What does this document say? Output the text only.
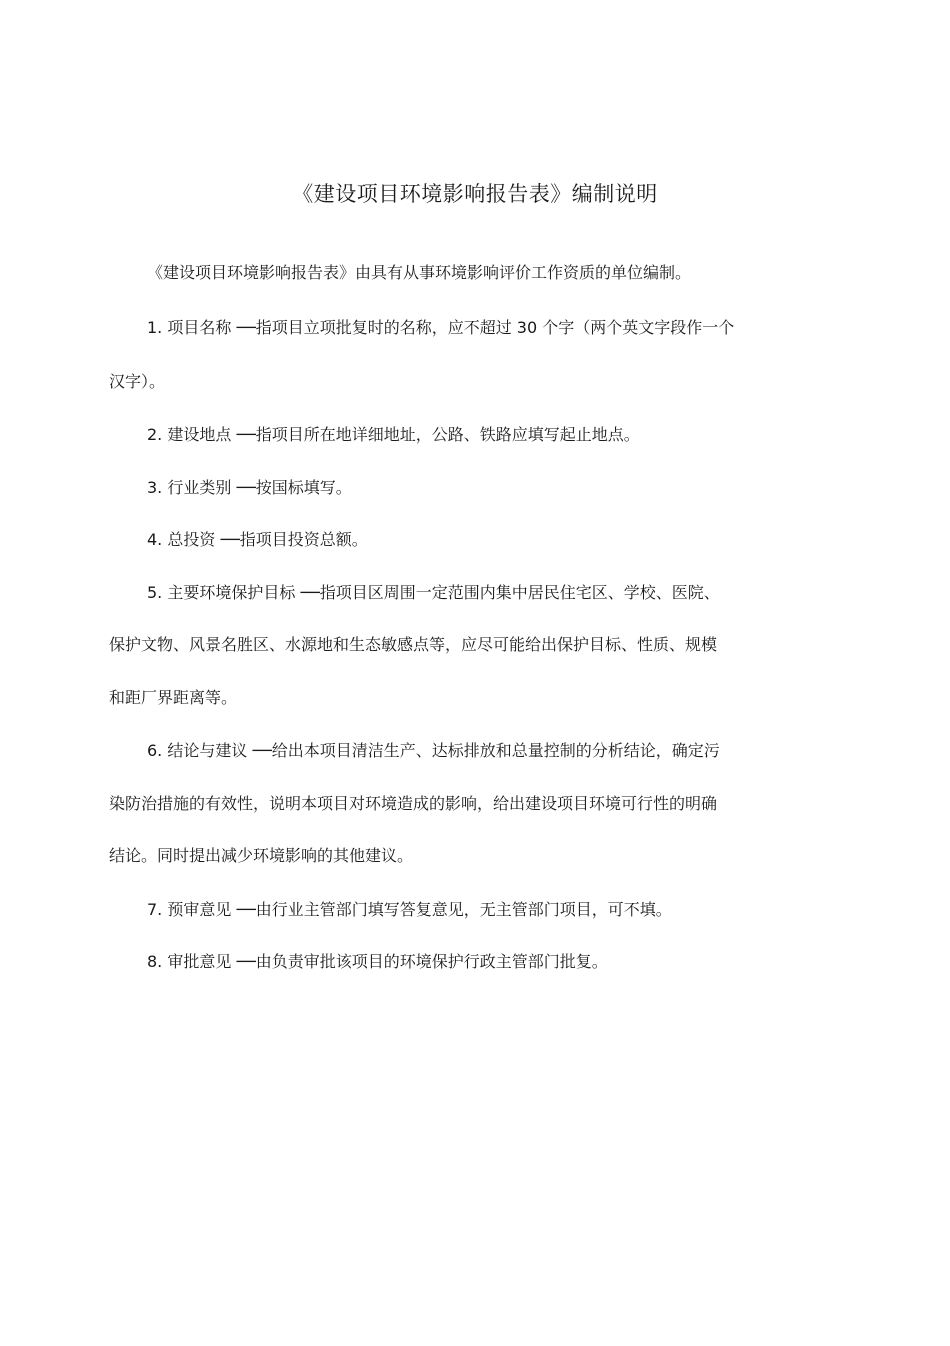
《建设项目环境影响报告表》编制说明
《建设项目环境影响报告表》由具有从事环境影响评价工作资质的单位编制。
1. 项目名称 ──指项目立项批复时的名称，应不超过 30 个字（两个英文字段作一个
汉字）。
2. 建设地点 ──指项目所在地详细地址，公路、铁路应填写起止地点。
3. 行业类别 ──按国标填写。
4. 总投资 ──指项目投资总额。
5. 主要环境保护目标 ──指项目区周围一定范围内集中居民住宅区、学校、医院、
保护文物、风景名胜区、水源地和生态敏感点等，应尽可能给出保护目标、性质、规模
和距厂界距离等。
6. 结论与建议 ──给出本项目清洁生产、达标排放和总量控制的分析结论，确定污
染防治措施的有效性，说明本项目对环境造成的影响，给出建设项目环境可行性的明确
结论。同时提出减少环境影响的其他建议。
7. 预审意见 ──由行业主管部门填写答复意见，无主管部门项目，可不填。
8. 审批意见 ──由负责审批该项目的环境保护行政主管部门批复。
